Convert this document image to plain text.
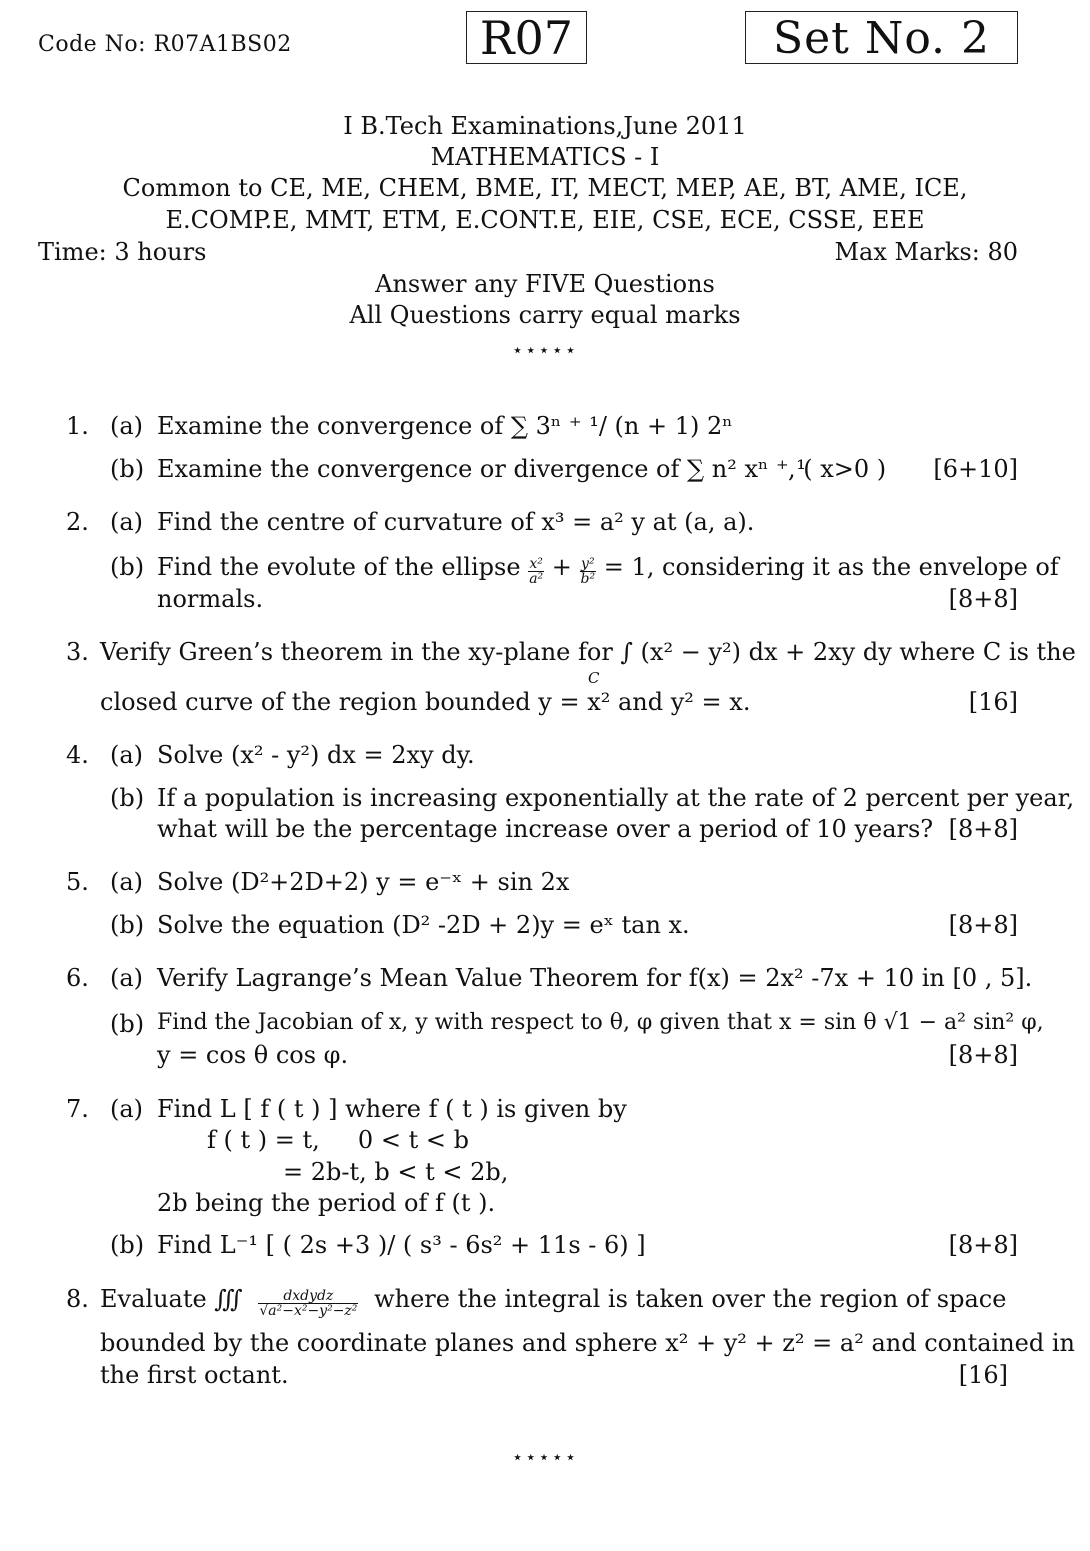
Code No: R07A1BS02	R07	Set No. 2
I B.Tech Examinations,June 2011
MATHEMATICS - I
Common to CE, ME, CHEM, BME, IT, MECT, MEP, AE, BT, AME, ICE,
E.COMP.E, MMT, ETM, E.CONT.E, EIE, CSE, ECE, CSSE, EEE
Time: 3 hours	Max Marks: 80
Answer any FIVE Questions
All Questions carry equal marks
⋆⋆⋆⋆⋆
1. (a) Examine the convergence of ∑ 3ⁿ ⁺ ¹/ (n + 1) 2ⁿ
(b) Examine the convergence or divergence of ∑ n² xⁿ ⁺ ¹
, ( x>0 ) [6+10]
2. (a) Find the centre of curvature of x³ = a² y at (a, a).
(b) Find the evolute of the ellipse $\frac{\text{x²}}{\text{a²}} + \frac{\text{y²}}{\text{b²}} = 1$, considering it as the envelope of
normals.	[8+8]
3. Verify Green’s theorem in the xy-plane for ∫ (x² − y²) dx + 2xy dy where C is the
C
closed curve of the region bounded y = x² and y² = x.	[16]
4. (a) Solve (x² - y²) dx = 2xy dy.
(b) If a population is increasing exponentially at the rate of 2 percent per year,
what will be the percentage increase over a period of 10 years? [8+8]
5. (a) Solve (D²+2D+2) y = e⁻ˣ + sin 2x
(b) Solve the equation (D² -2D + 2)y = eˣ tan x.	[8+8]
6. (a) Verify Lagrange’s Mean Value Theorem for f(x) = 2x² -7x + 10 in [0 , 5].
(b) Find the Jacobian of x, y with respect to θ, φ given that x = sin θ √1 − a² sin² φ,
y = cos θ cos φ.	[8+8]
7. (a) Find L [ f ( t ) ] where f ( t ) is given by
f ( t ) = t,     0 < t < b
= 2b-t, b < t < 2b,
2b being the period of f (t ).
(b) Find L⁻¹ [ ( 2s +3 )/ ( s³ - 6s² + 11s - 6) ]	[8+8]
8. Evaluate ∭ $\frac{\text{dxdydz}}{\text{√a²−x²−y²−z²}}$ where the integral is taken over the region of space
bounded by the coordinate planes and sphere x² + y² + z² = a² and contained in
the first octant.	[16]
⋆⋆⋆⋆⋆
